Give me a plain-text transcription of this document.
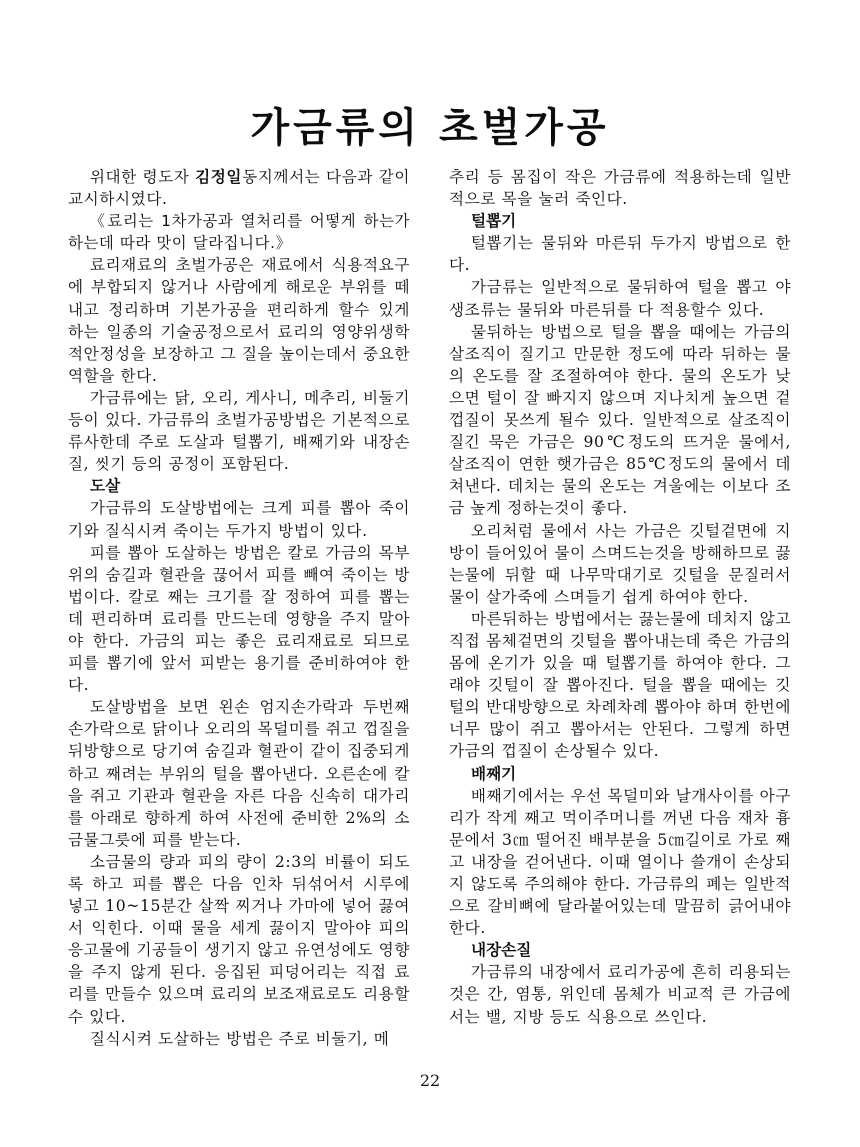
가금류의 초벌가공

위대한 령도자 김정일동지께서는 다음과 같이 교시하시였다.

《료리는 1차가공과 열처리를 어떻게 하는가 하는데 따라 맛이 달라집니다.》

료리재료의 초벌가공은 재료에서 식용적요구에 부합되지 않거나 사람에게 해로운 부위를 떼내고 정리하며 기본가공을 편리하게 할수 있게 하는 일종의 기술공정으로서 료리의 영양위생학적안정성을 보장하고 그 질을 높이는데서 중요한 역할을 한다.

가금류에는 닭, 오리, 게사니, 메추리, 비둘기 등이 있다. 가금류의 초벌가공방법은 기본적으로 류사한데 주로 도살과 털뽑기, 배째기와 내장손질, 씻기 등의 공정이 포함된다.

도살

가금류의 도살방법에는 크게 피를 뽑아 죽이기와 질식시켜 죽이는 두가지 방법이 있다.

피를 뽑아 도살하는 방법은 칼로 가금의 목부위의 숨길과 혈관을 끊어서 피를 빼여 죽이는 방법이다. 칼로 째는 크기를 잘 정하여 피를 뽑는데 편리하며 료리를 만드는데 영향을 주지 말아야 한다. 가금의 피는 좋은 료리재료로 되므로 피를 뽑기에 앞서 피받는 용기를 준비하여야 한다.

도살방법을 보면 왼손 엄지손가락과 두번째 손가락으로 닭이나 오리의 목덜미를 쥐고 껍질을 뒤방향으로 당기여 숨길과 혈관이 같이 집중되게 하고 째려는 부위의 털을 뽑아낸다. 오른손에 칼을 쥐고 기관과 혈관을 자른 다음 신속히 대가리를 아래로 향하게 하여 사전에 준비한 2%의 소금물그릇에 피를 받는다.

소금물의 량과 피의 량이 2:3의 비률이 되도록 하고 피를 뽑은 다음 인차 뒤섞어서 시루에 넣고 10~15분간 살짝 찌거나 가마에 넣어 끓여서 익힌다. 이때 물을 세게 끓이지 말아야 피의 응고물에 기공들이 생기지 않고 유연성에도 영향을 주지 않게 된다. 응집된 피덩어리는 직접 료리를 만들수 있으며 료리의 보조재료로도 리용할수 있다.

질식시켜 도살하는 방법은 주로 비둘기, 메

추리 등 몸집이 작은 가금류에 적용하는데 일반적으로 목을 눌러 죽인다.

털뽑기

털뽑기는 물뒤와 마른뒤 두가지 방법으로 한다.

가금류는 일반적으로 물뒤하여 털을 뽑고 야생조류는 물뒤와 마른뒤를 다 적용할수 있다.

물뒤하는 방법으로 털을 뽑을 때에는 가금의 살조직이 질기고 만문한 정도에 따라 뒤하는 물의 온도를 잘 조절하여야 한다. 물의 온도가 낮으면 털이 잘 빠지지 않으며 지나치게 높으면 겉껍질이 못쓰게 될수 있다. 일반적으로 살조직이 질긴 묵은 가금은 90℃정도의 뜨거운 물에서, 살조직이 연한 햇가금은 85℃정도의 물에서 데쳐낸다. 데치는 물의 온도는 겨울에는 이보다 조금 높게 정하는것이 좋다.

오리처럼 물에서 사는 가금은 깃털겉면에 지방이 들어있어 물이 스며드는것을 방해하므로 끓는물에 뒤할 때 나무막대기로 깃털을 문질러서 물이 살가죽에 스며들기 쉽게 하여야 한다.

마른뒤하는 방법에서는 끓는물에 데치지 않고 직접 몸체겉면의 깃털을 뽑아내는데 죽은 가금의 몸에 온기가 있을 때 털뽑기를 하여야 한다. 그래야 깃털이 잘 뽑아진다. 털을 뽑을 때에는 깃털의 반대방향으로 차례차례 뽑아야 하며 한번에 너무 많이 쥐고 뽑아서는 안된다. 그렇게 하면 가금의 껍질이 손상될수 있다.

배째기

배째기에서는 우선 목덜미와 날개사이를 아구리가 작게 째고 먹이주머니를 꺼낸 다음 재차 흉문에서 3㎝ 떨어진 배부분을 5㎝길이로 가로 째고 내장을 걷어낸다. 이때 열이나 쓸개이 손상되지 않도록 주의해야 한다. 가금류의 폐는 일반적으로 갈비뼈에 달라붙어있는데 말끔히 긁어내야 한다.

내장손질

가금류의 내장에서 료리가공에 흔히 리용되는것은 간, 염통, 위인데 몸체가 비교적 큰 가금에서는 밸, 지방 등도 식용으로 쓰인다.

22
